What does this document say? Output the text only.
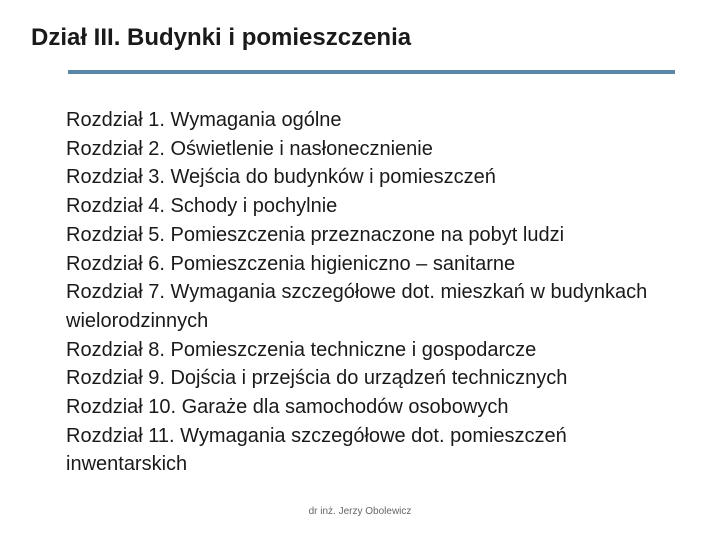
Dział III. Budynki i pomieszczenia
Rozdział 1. Wymagania ogólne
Rozdział 2. Oświetlenie i nasłonecznienie
Rozdział 3. Wejścia do budynków i pomieszczeń
Rozdział 4. Schody i pochylnie
Rozdział 5. Pomieszczenia przeznaczone na pobyt ludzi
Rozdział 6. Pomieszczenia higieniczno – sanitarne
Rozdział 7. Wymagania szczegółowe dot. mieszkań w budynkach wielorodzinnych
Rozdział 8. Pomieszczenia techniczne i gospodarcze
Rozdział 9. Dojścia i przejścia do urządzeń technicznych
Rozdział 10. Garaże dla samochodów osobowych
Rozdział 11. Wymagania szczegółowe dot. pomieszczeń inwentarskich
dr inż. Jerzy Obolewicz
